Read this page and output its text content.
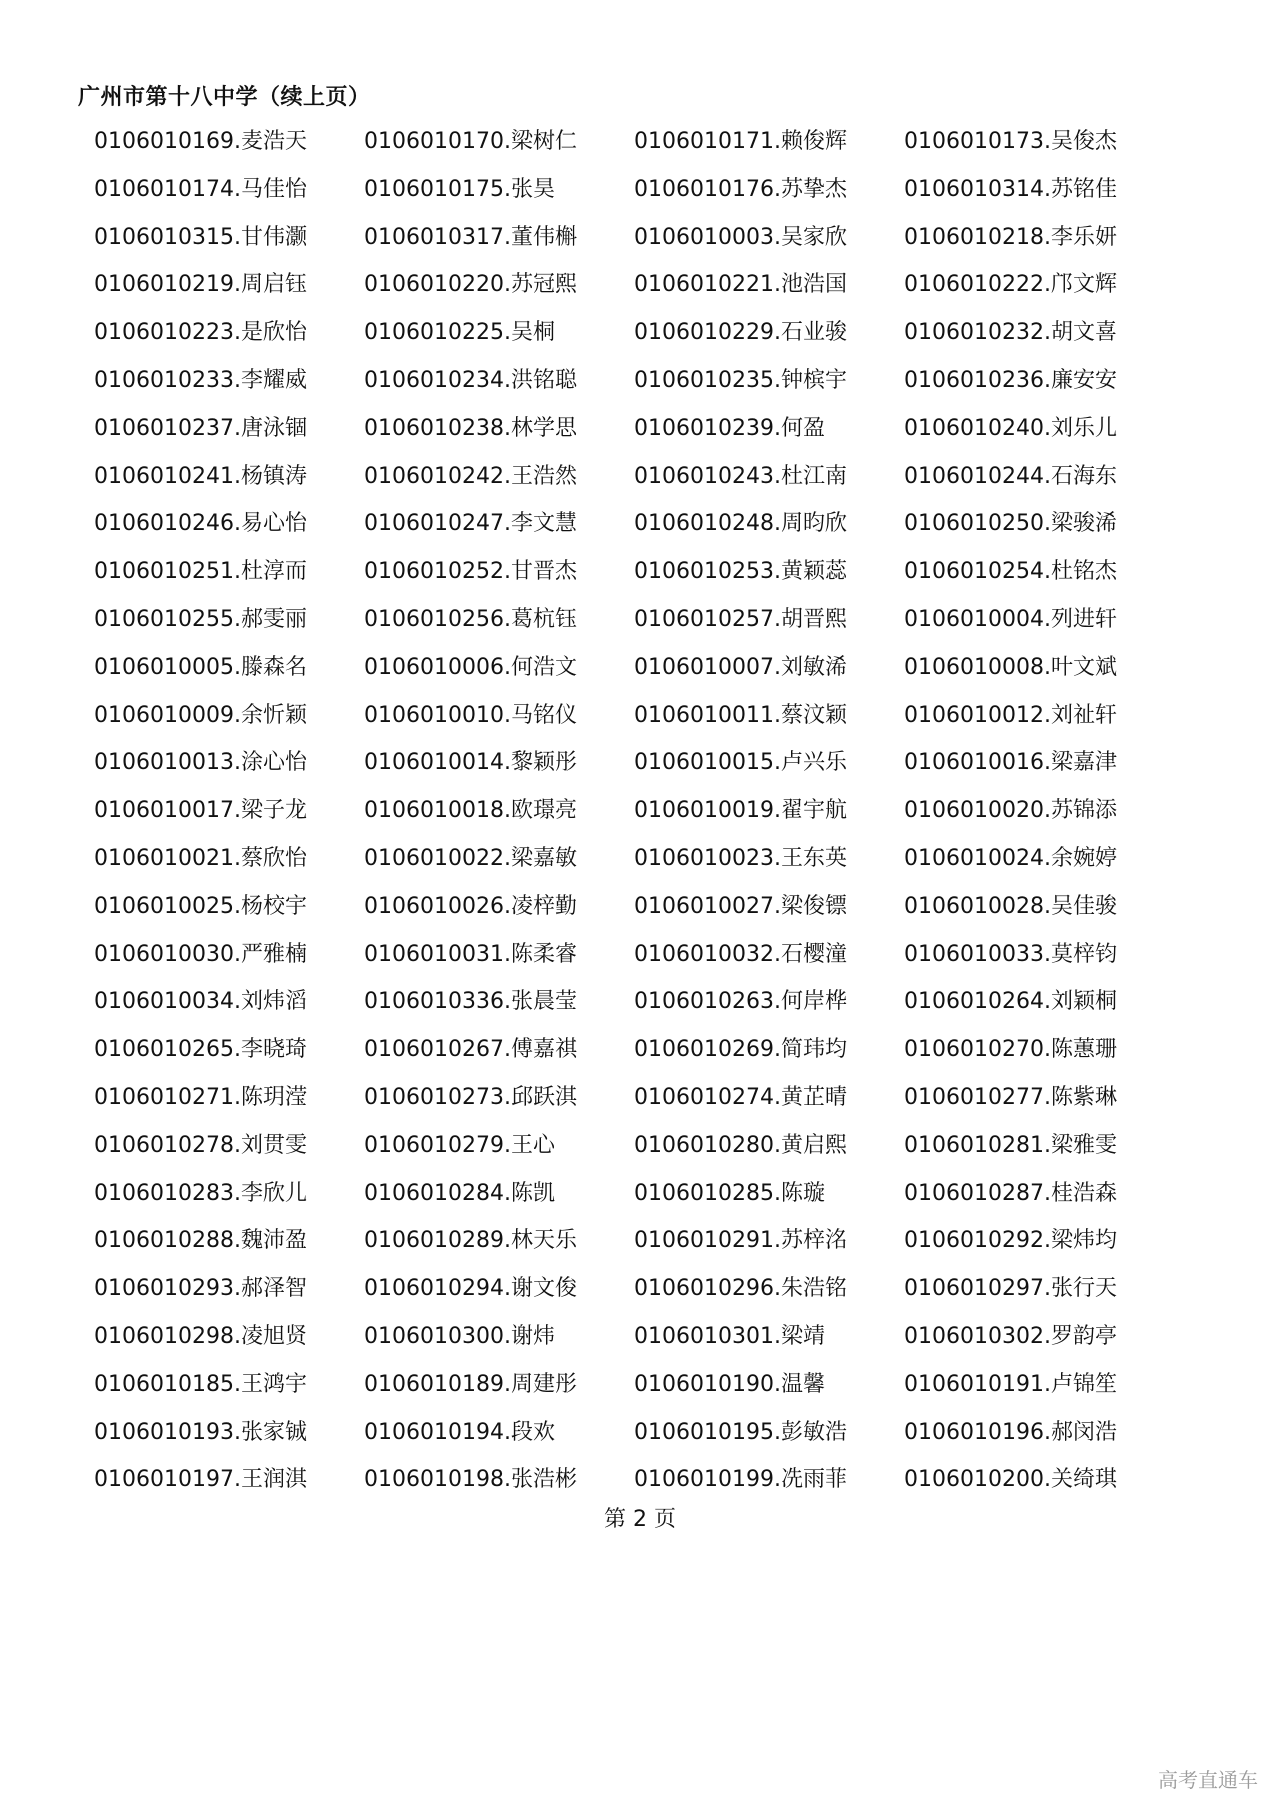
广州市第十八中学（续上页）
0106010169.麦浩天	0106010170.梁树仁	0106010171.赖俊辉	0106010173.吴俊杰
0106010174.马佳怡	0106010175.张昊	0106010176.苏挚杰	0106010314.苏铭佳
0106010315.甘伟灏	0106010317.董伟槲	0106010003.吴家欣	0106010218.李乐妍
0106010219.周启钰	0106010220.苏冠熙	0106010221.池浩国	0106010222.邝文辉
0106010223.是欣怡	0106010225.吴桐	0106010229.石业骏	0106010232.胡文喜
0106010233.李耀威	0106010234.洪铭聪	0106010235.钟槟宇	0106010236.廉安安
0106010237.唐泳锢	0106010238.林学思	0106010239.何盈	0106010240.刘乐儿
0106010241.杨镇涛	0106010242.王浩然	0106010243.杜江南	0106010244.石海东
0106010246.易心怡	0106010247.李文慧	0106010248.周昀欣	0106010250.梁骏浠
0106010251.杜淳而	0106010252.甘晋杰	0106010253.黄颖蕊	0106010254.杜铭杰
0106010255.郝雯丽	0106010256.葛杭钰	0106010257.胡晋熙	0106010004.列进轩
0106010005.滕森名	0106010006.何浩文	0106010007.刘敏浠	0106010008.叶文斌
0106010009.余忻颖	0106010010.马铭仪	0106010011.蔡汶颖	0106010012.刘祉轩
0106010013.涂心怡	0106010014.黎颖彤	0106010015.卢兴乐	0106010016.梁嘉津
0106010017.梁子龙	0106010018.欧璟亮	0106010019.翟宇航	0106010020.苏锦添
0106010021.蔡欣怡	0106010022.梁嘉敏	0106010023.王东英	0106010024.余婉婷
0106010025.杨校宇	0106010026.凌梓勤	0106010027.梁俊镖	0106010028.吴佳骏
0106010030.严雅楠	0106010031.陈柔睿	0106010032.石樱潼	0106010033.莫梓钧
0106010034.刘炜滔	0106010336.张晨莹	0106010263.何岸桦	0106010264.刘颖桐
0106010265.李晓琦	0106010267.傅嘉祺	0106010269.简玮均	0106010270.陈蕙珊
0106010271.陈玥滢	0106010273.邱跃淇	0106010274.黄芷晴	0106010277.陈紫琳
0106010278.刘贯雯	0106010279.王心	0106010280.黄启熙	0106010281.梁雅雯
0106010283.李欣儿	0106010284.陈凯	0106010285.陈璇	0106010287.桂浩森
0106010288.魏沛盈	0106010289.林天乐	0106010291.苏梓洺	0106010292.梁炜均
0106010293.郝泽智	0106010294.谢文俊	0106010296.朱浩铭	0106010297.张行天
0106010298.凌旭贤	0106010300.谢炜	0106010301.梁靖	0106010302.罗韵亭
0106010185.王鸿宇	0106010189.周建彤	0106010190.温馨	0106010191.卢锦笙
0106010193.张家铖	0106010194.段欢	0106010195.彭敏浩	0106010196.郝闵浩
0106010197.王润淇	0106010198.张浩彬	0106010199.冼雨菲	0106010200.关绮琪
第 2 页
高考直通车
